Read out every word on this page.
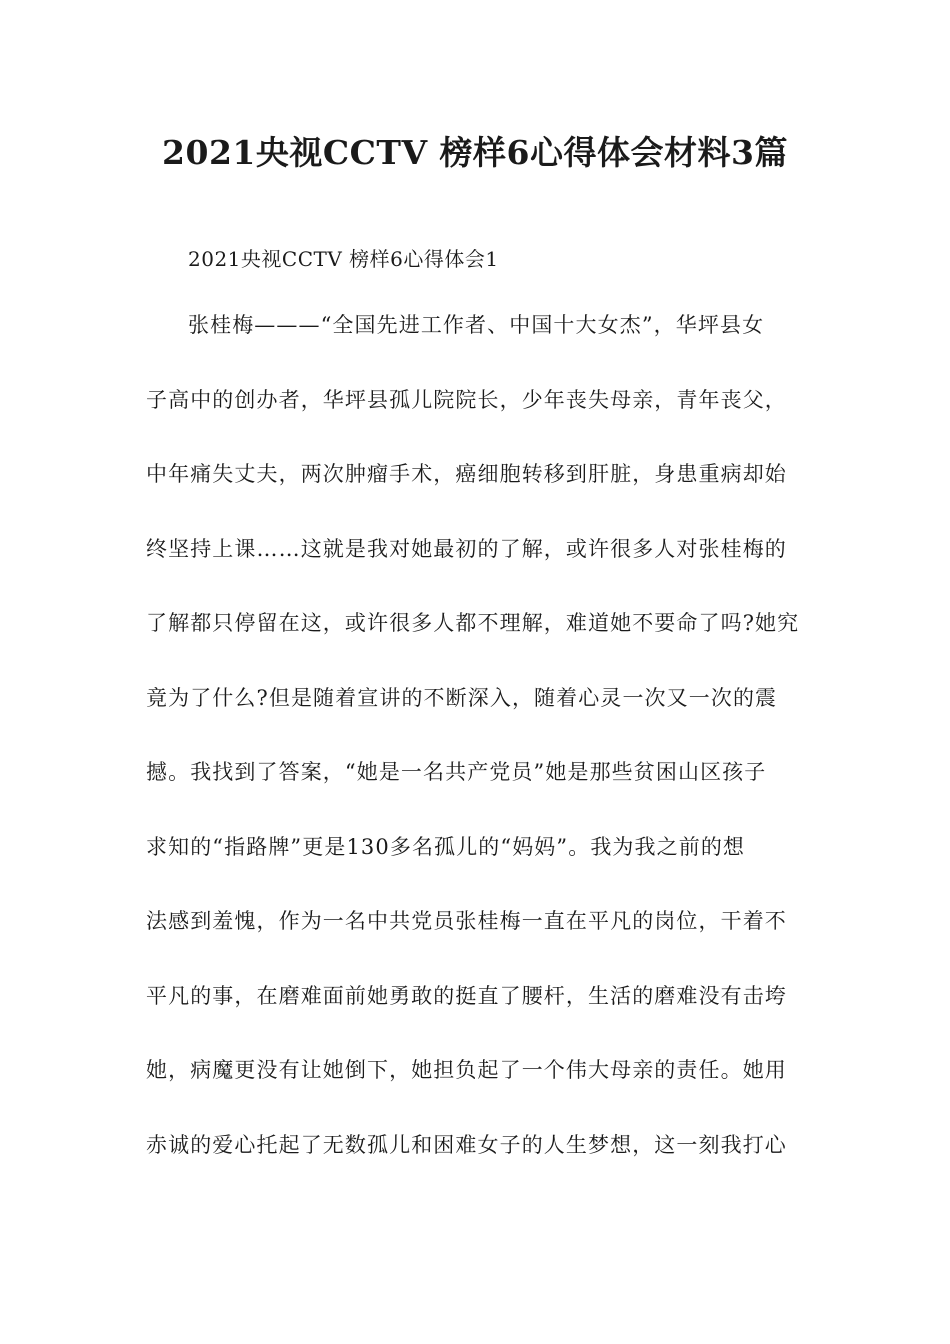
2021央视CCTV 榜样6心得体会材料3篇
2021央视CCTV 榜样6心得体会1
张桂梅———“全国先进工作者、中国十大女杰”，华坪县女
子高中的创办者，华坪县孤儿院院长，少年丧失母亲，青年丧父，
中年痛失丈夫，两次肿瘤手术，癌细胞转移到肝脏，身患重病却始
终坚持上课……这就是我对她最初的了解，或许很多人对张桂梅的
了解都只停留在这，或许很多人都不理解，难道她不要命了吗?她究
竟为了什么?但是随着宣讲的不断深入，随着心灵一次又一次的震
撼。我找到了答案，“她是一名共产党员”她是那些贫困山区孩子
求知的“指路牌”更是130多名孤儿的“妈妈”。我为我之前的想
法感到羞愧，作为一名中共党员张桂梅一直在平凡的岗位，干着不
平凡的事，在磨难面前她勇敢的挺直了腰杆，生活的磨难没有击垮
她，病魔更没有让她倒下，她担负起了一个伟大母亲的责任。她用
赤诚的爱心托起了无数孤儿和困难女子的人生梦想，这一刻我打心
